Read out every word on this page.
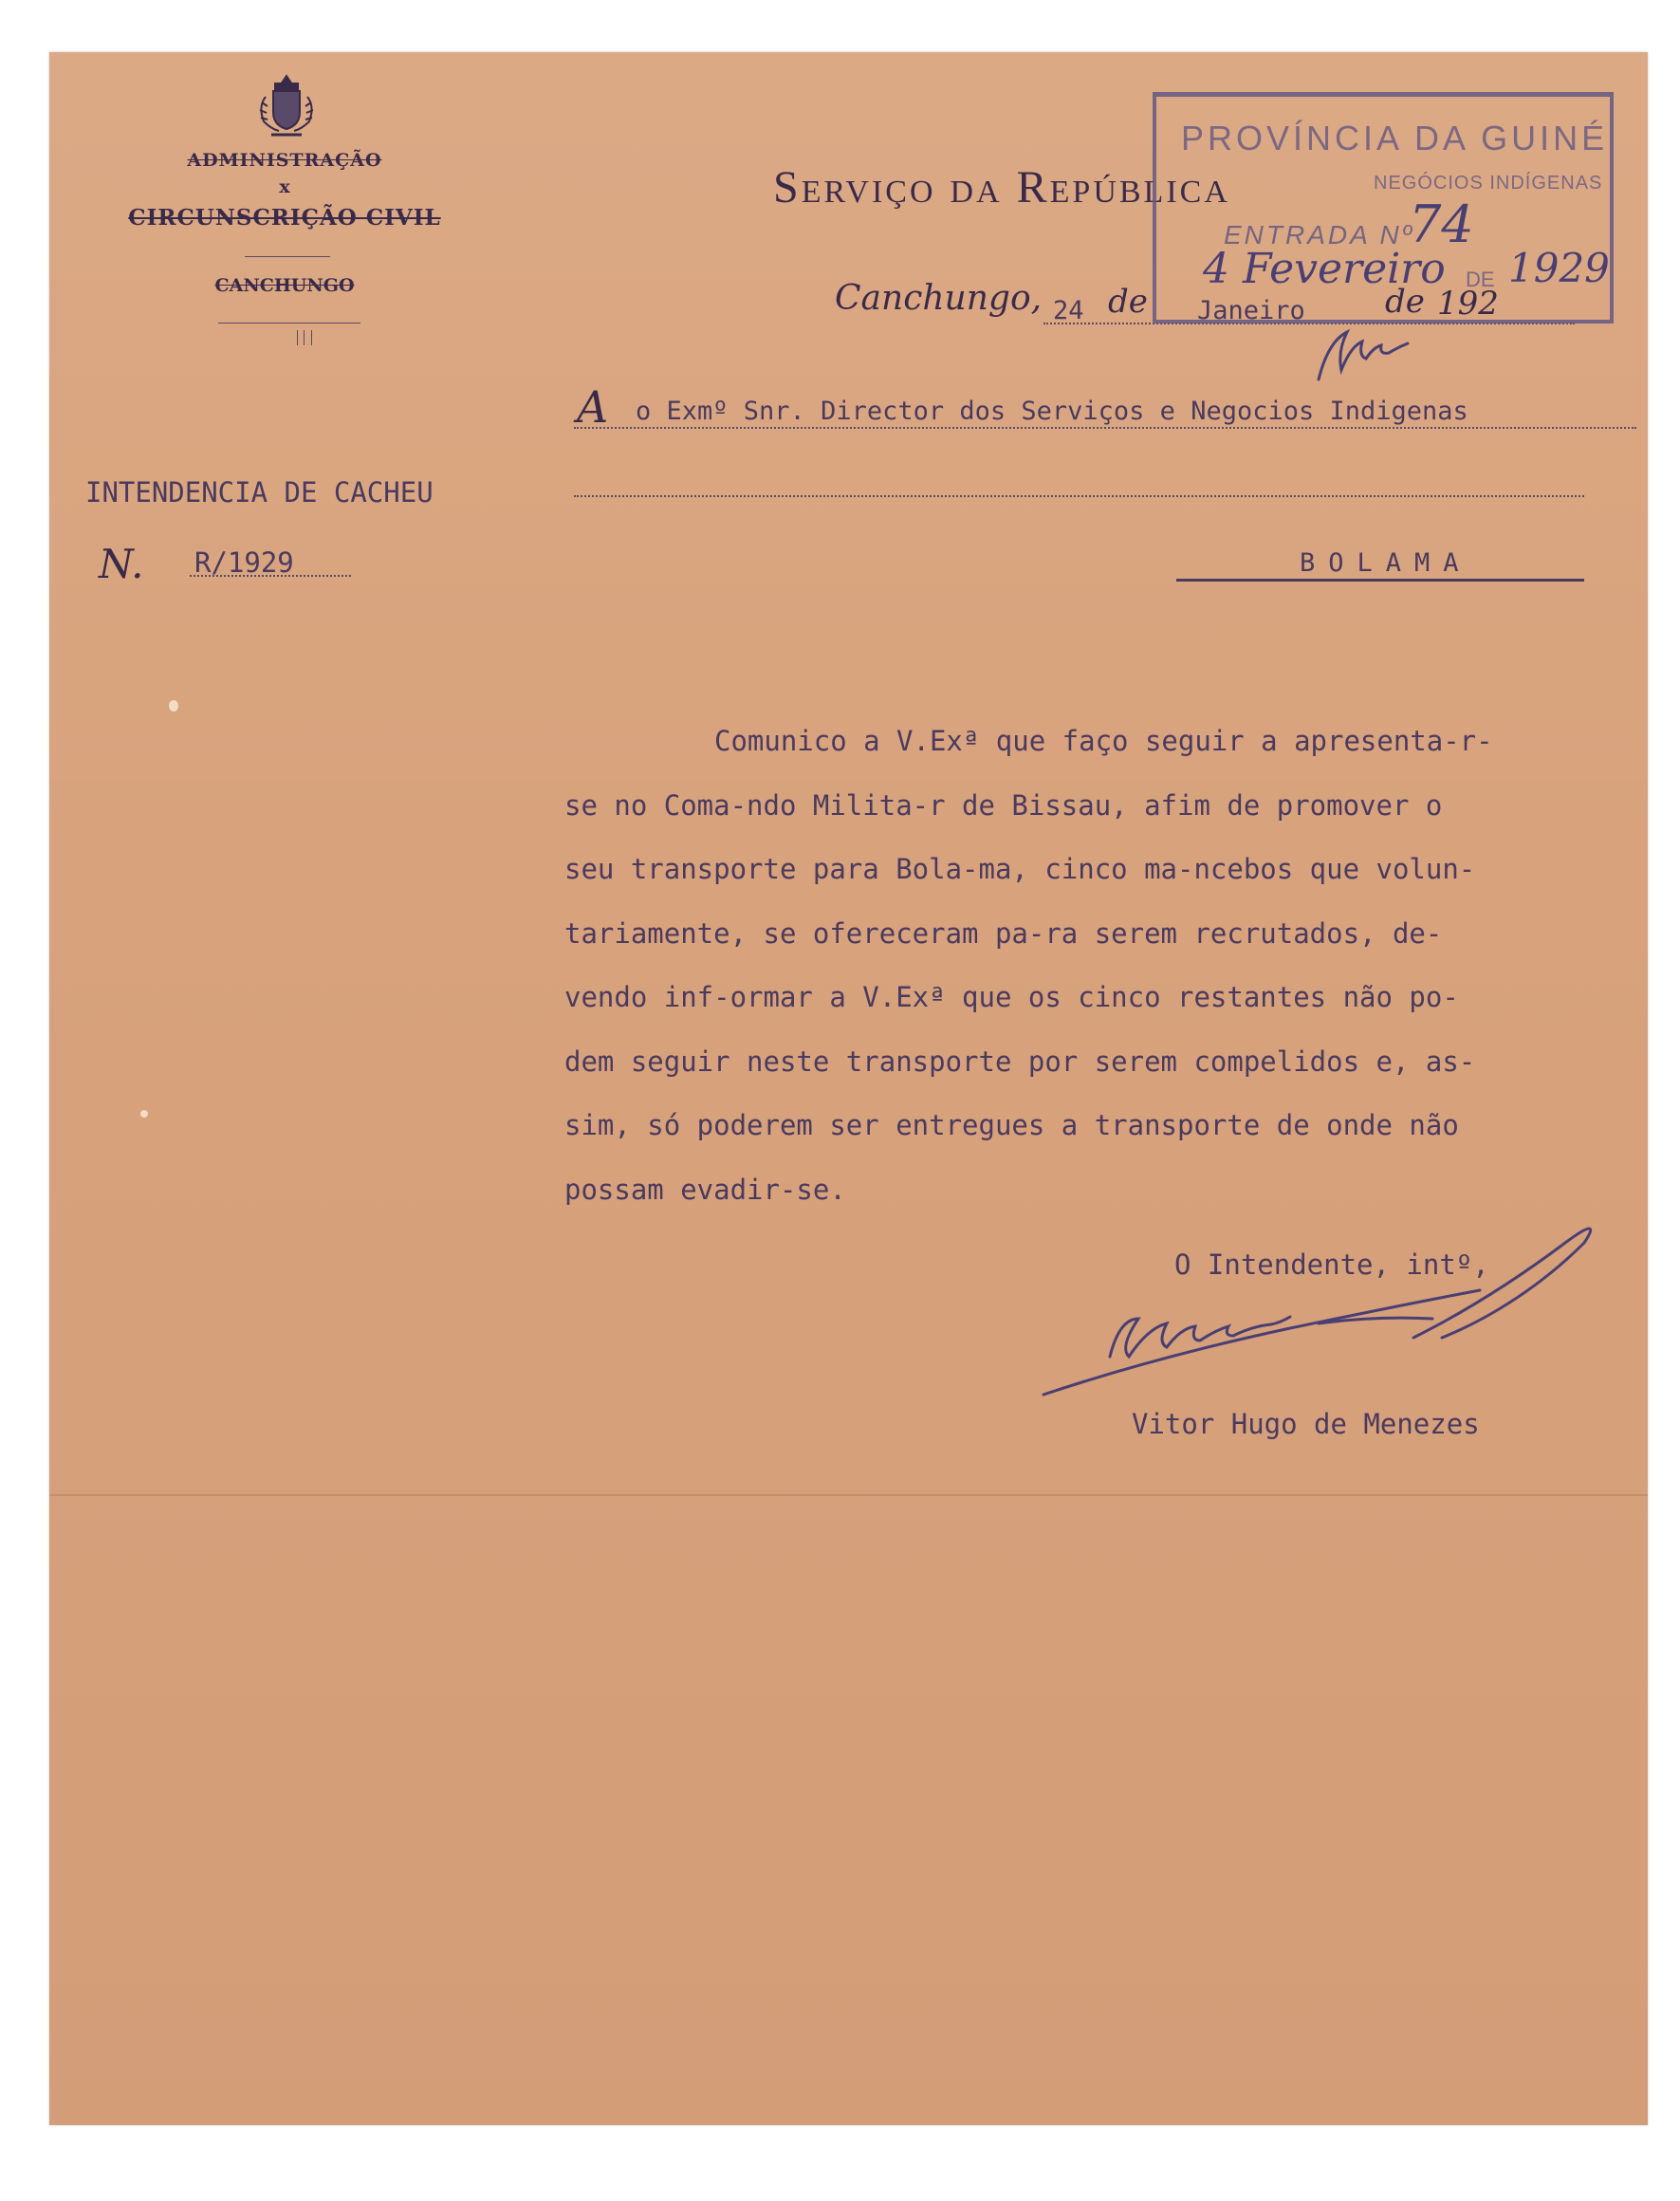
ADMINISTRAÇÃO
x
CIRCUNSCRIÇÃO CIVIL
CANCHUNGO
INTENDENCIA DE CACHEU
N. R/1929
Serviço da República
Canchungo, 24 de Janeiro de 192
PROVÍNCIA DA GUINÉ
NEGÓCIOS INDÍGENAS
ENTRADA Nº
74
4 Fevereiro DE 1929
A o Exmº Snr. Director dos Serviços e Negocios Indigenas
BOLAMA
Comunico a V.Exª que faço seguir a apresenta-r-
se no Coma-ndo Milita-r de Bissau, afim de promover o
seu transporte para Bola-ma, cinco ma-ncebos que volun-
tariamente, se ofereceram pa-ra serem recrutados, de-
vendo inf-ormar a V.Exª que os cinco restantes não po-
dem seguir neste transporte por serem compelidos e, as-
sim, só poderem ser entregues a transporte de onde não
possam evadir-se.
O Intendente, intº,
Vitor Hugo de Menezes
